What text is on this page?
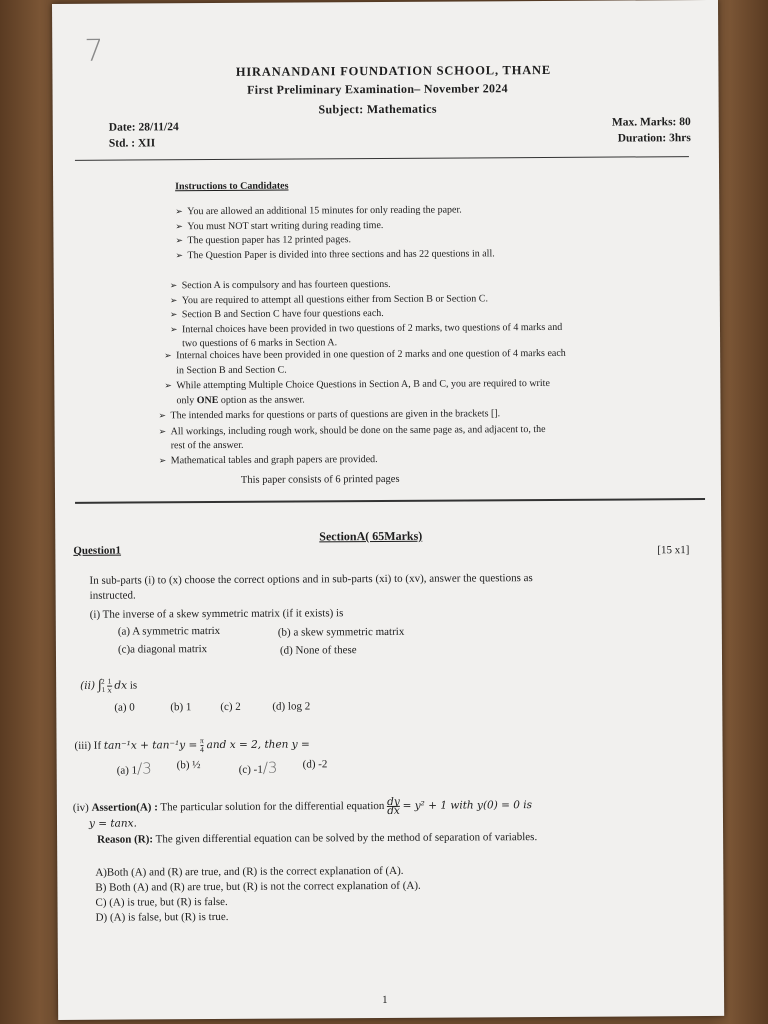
7
HIRANANDANI FOUNDATION SCHOOL, THANE
First Preliminary Examination– November 2024
Subject: Mathematics
Date: 28/11/24
Std. : XII
Max. Marks: 80
Duration: 3hrs
Instructions to Candidates
➢ You are allowed an additional 15 minutes for only reading the paper.
➢ You must NOT start writing during reading time.
➢ The question paper has 12 printed pages.
➢ The Question Paper is divided into three sections and has 22 questions in all.
➢ Section A is compulsory and has fourteen questions.
➢ You are required to attempt all questions either from Section B or Section C.
➢ Section B and Section C have four questions each.
➢ Internal choices have been provided in two questions of 2 marks, two questions of 4 marks and
two questions of 6 marks in Section A.
➢ Internal choices have been provided in one question of 2 marks and one question of 4 marks each
in Section B and Section C.
➢ While attempting Multiple Choice Questions in Section A, B and C, you are required to write
only ONE option as the answer.
➢ The intended marks for questions or parts of questions are given in the brackets [].
➢ All workings, including rough work, should be done on the same page as, and adjacent to, the
rest of the answer.
➢ Mathematical tables and graph papers are provided.
This paper consists of 6 printed pages
SectionA( 65Marks)
Question1	[15 x1]
In sub-parts (i) to (x) choose the correct options and in sub-parts (xi) to (xv), answer the questions as
instructed.
(i) The inverse of a skew symmetric matrix (if it exists) is
(a) A symmetric matrix	(b) a skew symmetric matrix
(c)a diagonal matrix	(d) None of these
(ii) $\int_1^2 \frac{1}{x}$ dx is
(a) 0	(b) 1	(c) 2	(d) log 2
(iii) If $\tan^{-1}x + \tan^{-1}y = \frac{\pi}{4}$ and x = 2, then y =
(a) 1/3 (b) ½	(c) -1/3 (d) -2
(iv) Assertion(A) : The particular solution for the differential equation $\frac{dy}{dx} = y^2 + 1$ with y(0) = 0 is
y = tanx.
Reason (R): The given differential equation can be solved by the method of separation of variables.
A)Both (A) and (R) are true, and (R) is the correct explanation of (A).
B) Both (A) and (R) are true, but (R) is not the correct explanation of (A).
C) (A) is true, but (R) is false.
D) (A) is false, but (R) is true.
1
